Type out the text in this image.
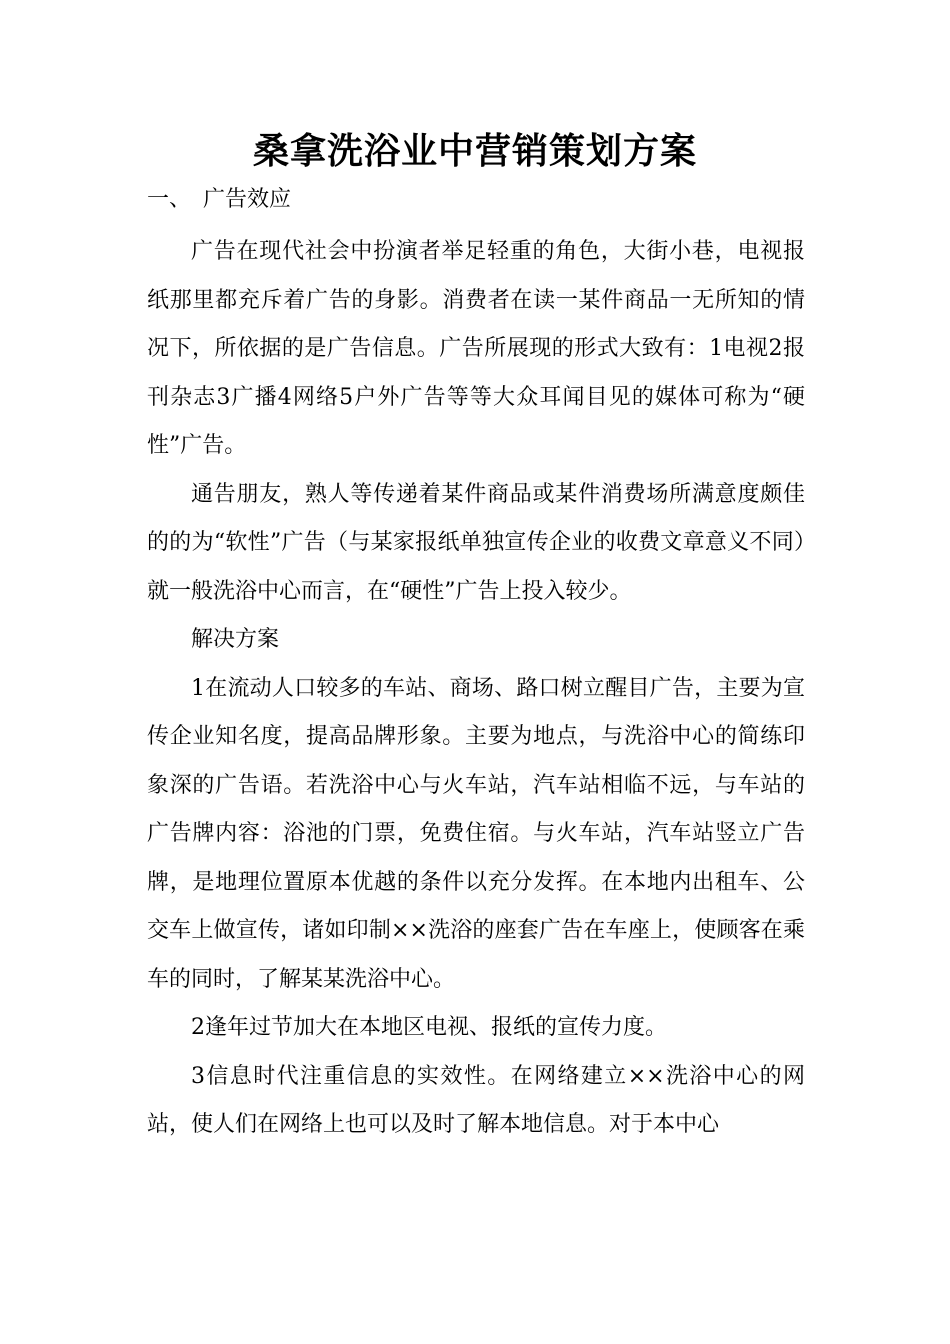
桑拿洗浴业中营销策划方案
一、 广告效应

广告在现代社会中扮演者举足轻重的角色，大街小巷，电视报纸那里都充斥着广告的身影。消费者在读一某件商品一无所知的情况下，所依据的是广告信息。广告所展现的形式大致有：1电视2报刊杂志3广播4网络5户外广告等等大众耳闻目见的媒体可称为“硬性”广告。

通告朋友，熟人等传递着某件商品或某件消费场所满意度颇佳的的为“软性”广告（与某家报纸单独宣传企业的收费文章意义不同）就一般洗浴中心而言，在“硬性”广告上投入较少。

解决方案

1在流动人口较多的车站、商场、路口树立醒目广告，主要为宣传企业知名度，提高品牌形象。主要为地点，与洗浴中心的简练印象深的广告语。若洗浴中心与火车站，汽车站相临不远，与车站的广告牌内容：浴池的门票，免费住宿。与火车站，汽车站竖立广告牌，是地理位置原本优越的条件以充分发挥。在本地内出租车、公交车上做宣传，诸如印制××洗浴的座套广告在车座上，使顾客在乘车的同时，了解某某洗浴中心。

2逢年过节加大在本地区电视、报纸的宣传力度。

3信息时代注重信息的实效性。在网络建立××洗浴中心的网站，使人们在网络上也可以及时了解本地信息。对于本中心
